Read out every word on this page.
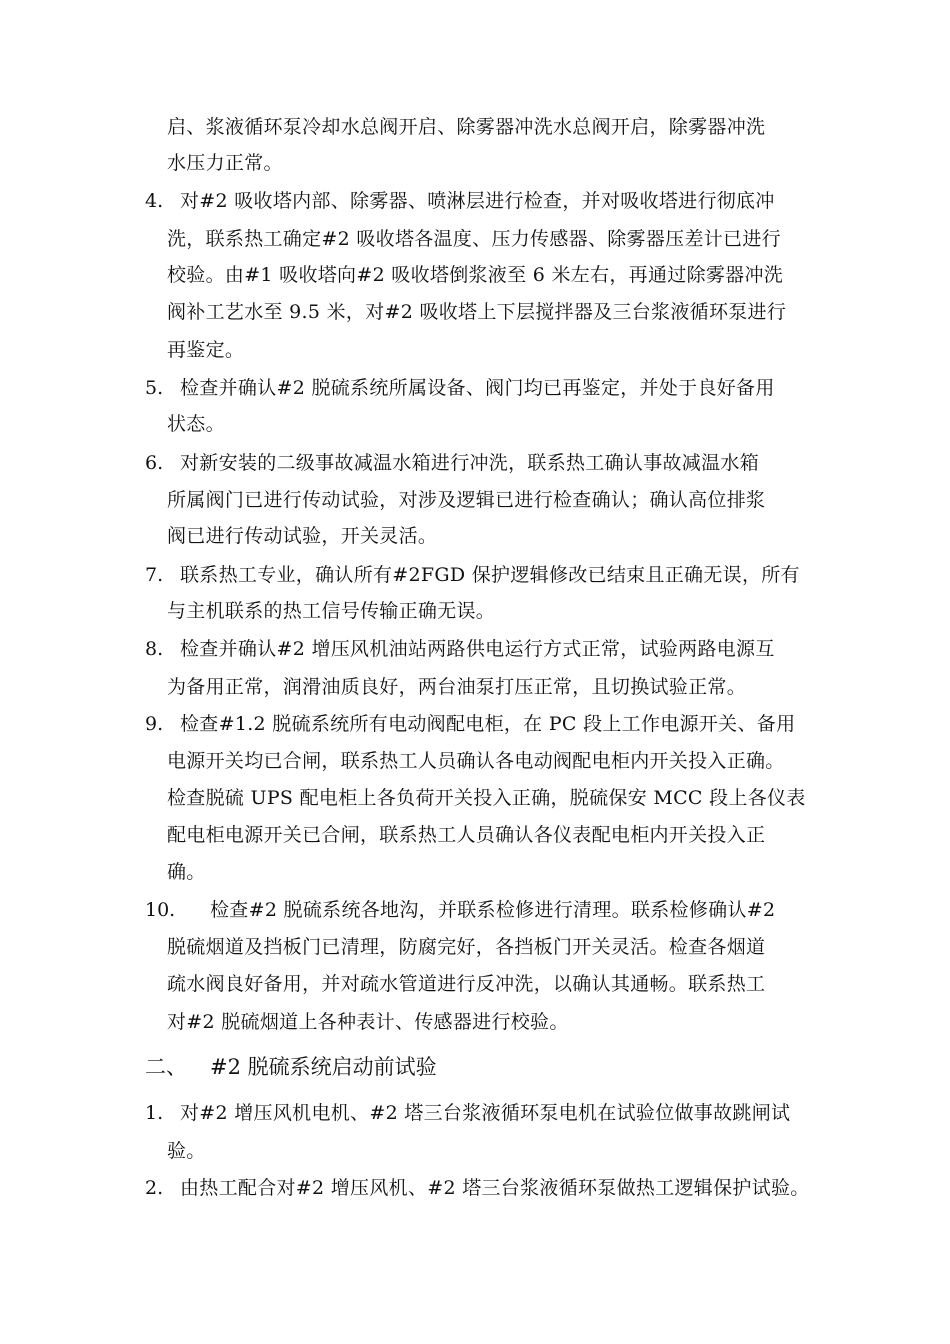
启、浆液循环泵冷却水总阀开启、除雾器冲洗水总阀开启，除雾器冲洗
水压力正常。
4. 对#2 吸收塔内部、除雾器、喷淋层进行检查，并对吸收塔进行彻底冲
洗，联系热工确定#2 吸收塔各温度、压力传感器、除雾器压差计已进行
校验。由#1 吸收塔向#2 吸收塔倒浆液至 6 米左右，再通过除雾器冲洗
阀补工艺水至 9.5 米，对#2 吸收塔上下层搅拌器及三台浆液循环泵进行
再鉴定。
5. 检查并确认#2 脱硫系统所属设备、阀门均已再鉴定，并处于良好备用
状态。
6. 对新安装的二级事故减温水箱进行冲洗，联系热工确认事故减温水箱
所属阀门已进行传动试验，对涉及逻辑已进行检查确认；确认高位排浆
阀已进行传动试验，开关灵活。
7. 联系热工专业，确认所有#2FGD 保护逻辑修改已结束且正确无误，所有
与主机联系的热工信号传输正确无误。
8. 检查并确认#2 增压风机油站两路供电运行方式正常，试验两路电源互
为备用正常，润滑油质良好，两台油泵打压正常，且切换试验正常。
9. 检查#1.2 脱硫系统所有电动阀配电柜，在 PC 段上工作电源开关、备用
电源开关均已合闸，联系热工人员确认各电动阀配电柜内开关投入正确。
检查脱硫 UPS 配电柜上各负荷开关投入正确，脱硫保安 MCC 段上各仪表
配电柜电源开关已合闸，联系热工人员确认各仪表配电柜内开关投入正
确。
10. 检查#2 脱硫系统各地沟，并联系检修进行清理。联系检修确认#2
脱硫烟道及挡板门已清理，防腐完好，各挡板门开关灵活。检查各烟道
疏水阀良好备用，并对疏水管道进行反冲洗，以确认其通畅。联系热工
对#2 脱硫烟道上各种表计、传感器进行校验。
二、 #2 脱硫系统启动前试验
1. 对#2 增压风机电机、#2 塔三台浆液循环泵电机在试验位做事故跳闸试
验。
2. 由热工配合对#2 增压风机、#2 塔三台浆液循环泵做热工逻辑保护试验。
